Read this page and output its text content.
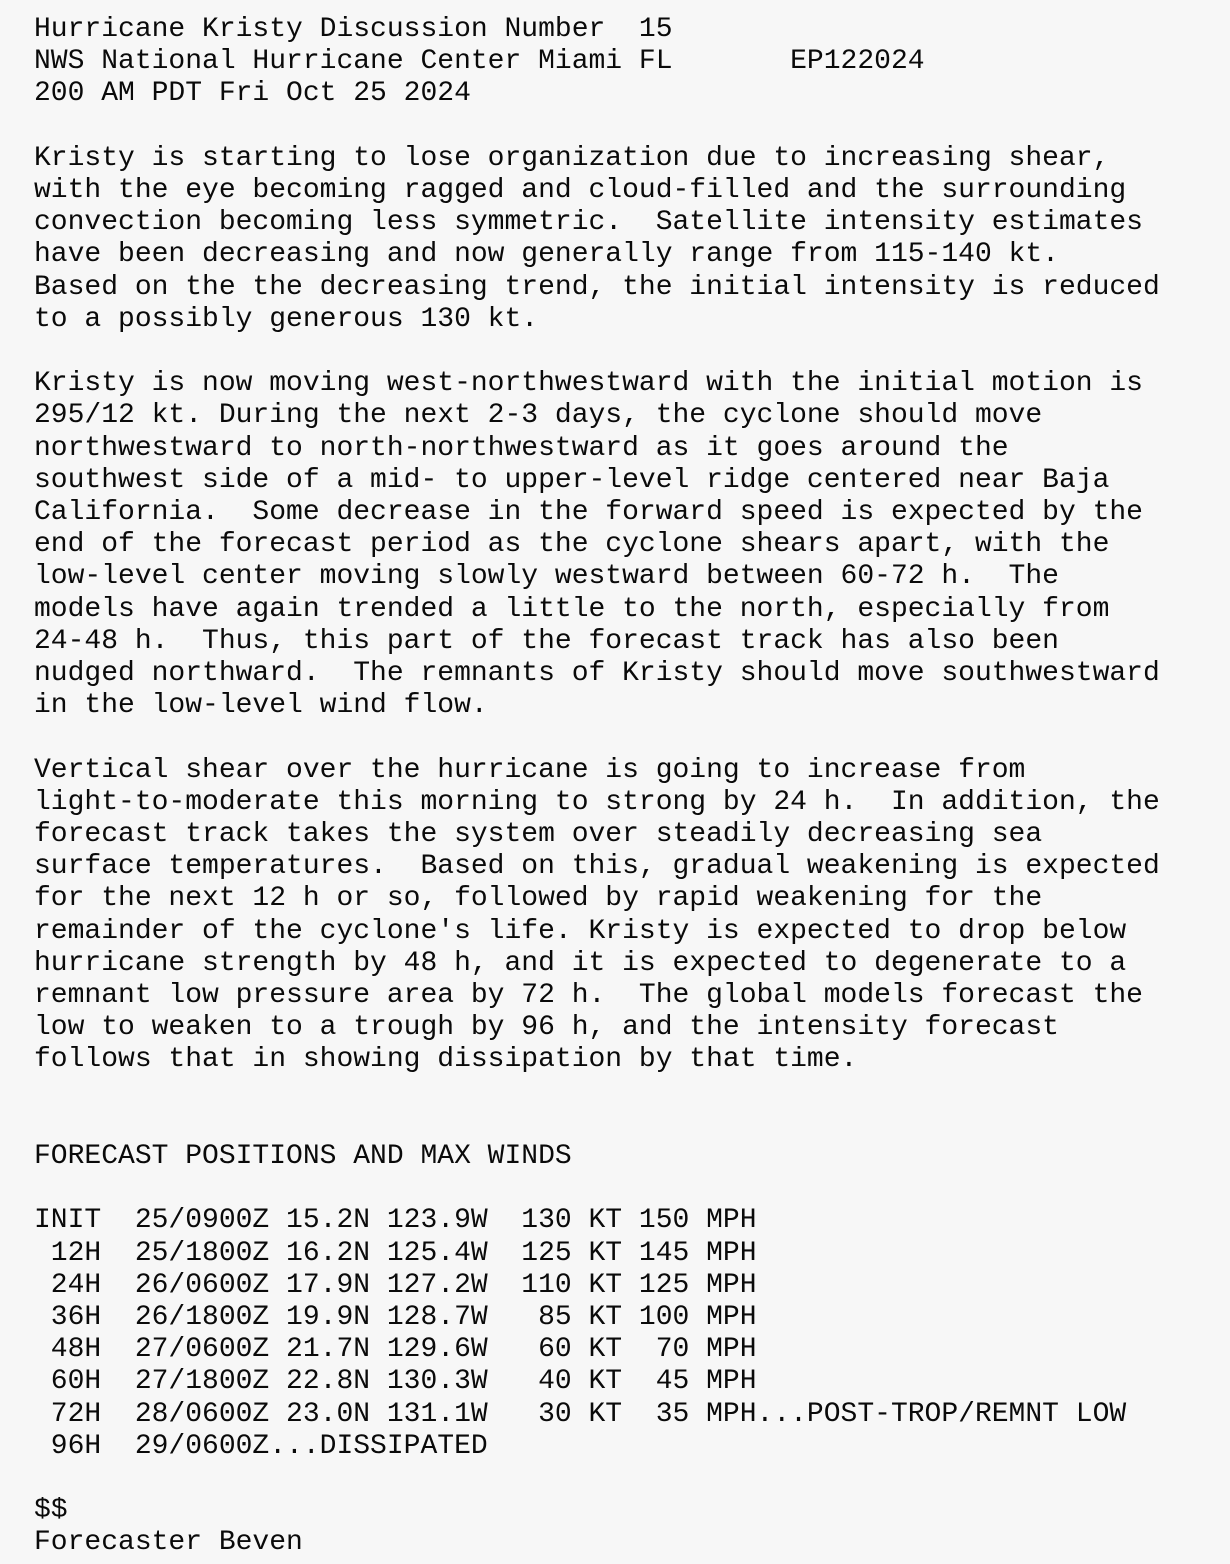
Hurricane Kristy Discussion Number  15
NWS National Hurricane Center Miami FL       EP122024
200 AM PDT Fri Oct 25 2024
Kristy is starting to lose organization due to increasing shear,
with the eye becoming ragged and cloud-filled and the surrounding
convection becoming less symmetric.  Satellite intensity estimates
have been decreasing and now generally range from 115-140 kt.
Based on the the decreasing trend, the initial intensity is reduced
to a possibly generous 130 kt.
Kristy is now moving west-northwestward with the initial motion is
295/12 kt. During the next 2-3 days, the cyclone should move
northwestward to north-northwestward as it goes around the
southwest side of a mid- to upper-level ridge centered near Baja
California.  Some decrease in the forward speed is expected by the
end of the forecast period as the cyclone shears apart, with the
low-level center moving slowly westward between 60-72 h.  The
models have again trended a little to the north, especially from
24-48 h.  Thus, this part of the forecast track has also been
nudged northward.  The remnants of Kristy should move southwestward
in the low-level wind flow.
Vertical shear over the hurricane is going to increase from
light-to-moderate this morning to strong by 24 h.  In addition, the
forecast track takes the system over steadily decreasing sea
surface temperatures.  Based on this, gradual weakening is expected
for the next 12 h or so, followed by rapid weakening for the
remainder of the cyclone's life. Kristy is expected to drop below
hurricane strength by 48 h, and it is expected to degenerate to a
remnant low pressure area by 72 h.  The global models forecast the
low to weaken to a trough by 96 h, and the intensity forecast
follows that in showing dissipation by that time.
FORECAST POSITIONS AND MAX WINDS
INIT  25/0900Z 15.2N 123.9W  130 KT 150 MPH
12H  25/1800Z 16.2N 125.4W  125 KT 145 MPH
24H  26/0600Z 17.9N 127.2W  110 KT 125 MPH
36H  26/1800Z 19.9N 128.7W   85 KT 100 MPH
48H  27/0600Z 21.7N 129.6W   60 KT  70 MPH
60H  27/1800Z 22.8N 130.3W   40 KT  45 MPH
72H  28/0600Z 23.0N 131.1W   30 KT  35 MPH...POST-TROP/REMNT LOW
96H  29/0600Z...DISSIPATED
$$
Forecaster Beven
